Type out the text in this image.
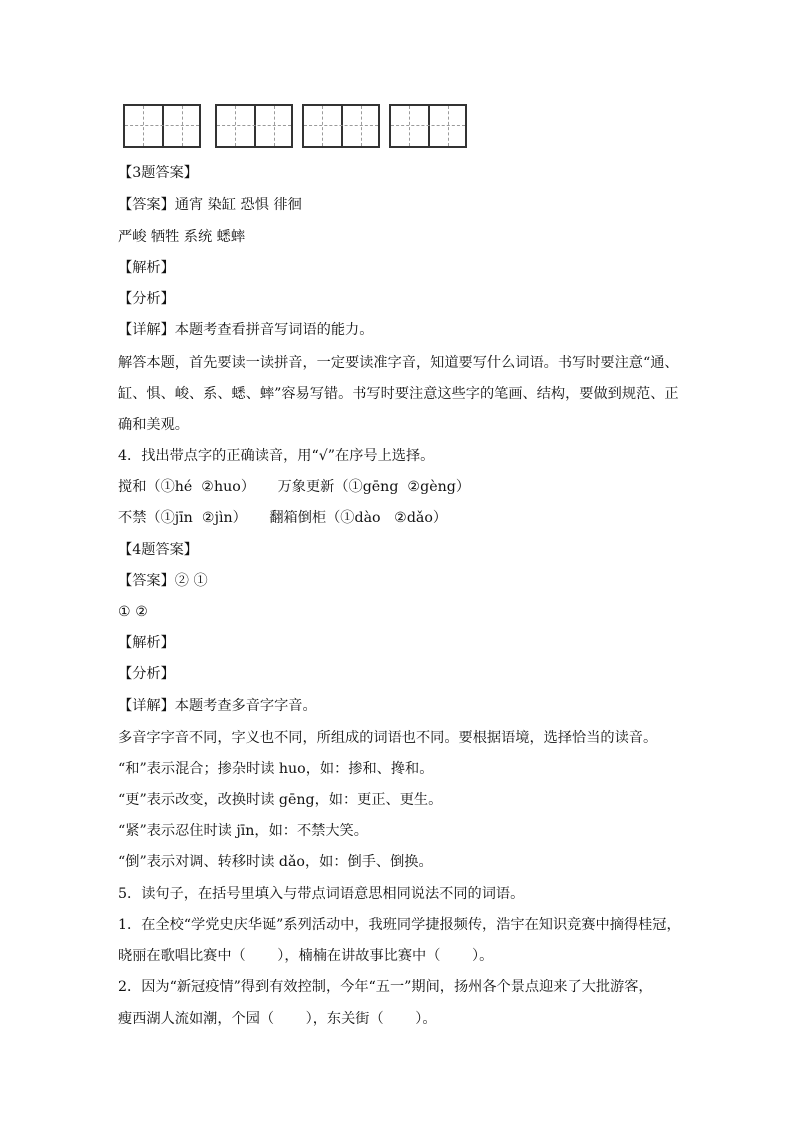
【3题答案】
【答案】通宵 染缸 恐惧 徘徊
严峻 牺牲 系统 蟋蟀
【解析】
【分析】
【详解】本题考查看拼音写词语的能力。
解答本题，首先要读一读拼音，一定要读准字音，知道要写什么词语。书写时要注意“通、
缸、惧、峻、系、蟋、蟀”容易写错。书写时要注意这些字的笔画、结构，要做到规范、正
确和美观。
4．找出带点字的正确读音，用“√”在序号上选择。
搅和（①hé  ②huo）     万象更新（①gēng  ②gèng）
不禁（①jīn  ②jìn）     翻箱倒柜（①dào   ②dǎo）
【4题答案】
【答案】② ①
① ②
【解析】
【分析】
【详解】本题考查多音字字音。
多音字字音不同，字义也不同，所组成的词语也不同。要根据语境，选择恰当的读音。
“和”表示混合；掺杂时读 huo，如：掺和、搀和。
“更”表示改变，改换时读 gēng，如：更正、更生。
“紧”表示忍住时读 jīn，如：不禁大笑。
“倒”表示对调、转移时读 dǎo，如：倒手、倒换。
5．读句子，在括号里填入与带点词语意思相同说法不同的词语。
1．在全校“学党史庆华诞”系列活动中，我班同学捷报频传，浩宇在知识竞赛中摘得桂冠，
晓丽在歌唱比赛中（       ），楠楠在讲故事比赛中（       ）。
2．因为“新冠疫情”得到有效控制，今年“五一”期间，扬州各个景点迎来了大批游客，
瘦西湖人流如潮，个园（       ），东关街（       ）。
